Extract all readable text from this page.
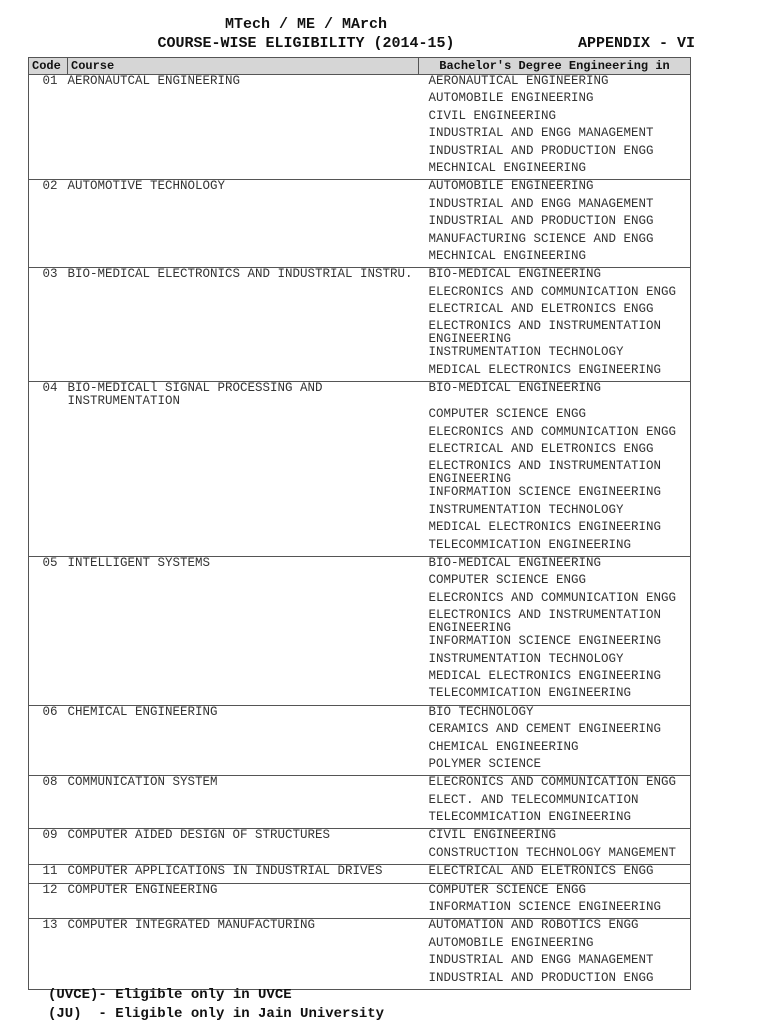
MTech / ME / MArch
COURSE-WISE ELIGIBILITY (2014-15)	APPENDIX - VI
Code	Course	Bachelor's Degree Engineering in
01	AERONAUTCAL ENGINEERING	AERONAUTICAL ENGINEERING
		AUTOMOBILE ENGINEERING
		CIVIL ENGINEERING
		INDUSTRIAL AND ENGG MANAGEMENT
		INDUSTRIAL AND PRODUCTION ENGG
		MECHNICAL ENGINEERING
02	AUTOMOTIVE TECHNOLOGY	AUTOMOBILE ENGINEERING
		INDUSTRIAL AND ENGG MANAGEMENT
		INDUSTRIAL AND PRODUCTION ENGG
		MANUFACTURING SCIENCE AND ENGG
		MECHNICAL ENGINEERING
03	BIO-MEDICAL ELECTRONICS AND INDUSTRIAL INSTRU.	BIO-MEDICAL ENGINEERING
		ELECRONICS AND COMMUNICATION ENGG
		ELECTRICAL AND ELETRONICS ENGG
		ELECTRONICS AND INSTRUMENTATION ENGINEERING
		INSTRUMENTATION TECHNOLOGY
		MEDICAL ELECTRONICS ENGINEERING
04	BIO-MEDICALl SIGNAL PROCESSING AND INSTRUMENTATION	BIO-MEDICAL ENGINEERING
		COMPUTER SCIENCE ENGG
		ELECRONICS AND COMMUNICATION ENGG
		ELECTRICAL AND ELETRONICS ENGG
		ELECTRONICS AND INSTRUMENTATION ENGINEERING
		INFORMATION SCIENCE ENGINEERING
		INSTRUMENTATION TECHNOLOGY
		MEDICAL ELECTRONICS ENGINEERING
		TELECOMMICATION ENGINEERING
05	INTELLIGENT SYSTEMS	BIO-MEDICAL ENGINEERING
		COMPUTER SCIENCE ENGG
		ELECRONICS AND COMMUNICATION ENGG
		ELECTRONICS AND INSTRUMENTATION ENGINEERING
		INFORMATION SCIENCE ENGINEERING
		INSTRUMENTATION TECHNOLOGY
		MEDICAL ELECTRONICS ENGINEERING
		TELECOMMICATION ENGINEERING
06	CHEMICAL ENGINEERING	BIO TECHNOLOGY
		CERAMICS AND CEMENT ENGINEERING
		CHEMICAL ENGINEERING
		POLYMER SCIENCE
08	COMMUNICATION SYSTEM	ELECRONICS AND COMMUNICATION ENGG
		ELECT. AND TELECOMMUNICATION
		TELECOMMICATION ENGINEERING
09	COMPUTER AIDED DESIGN OF STRUCTURES	CIVIL ENGINEERING
		CONSTRUCTION TECHNOLOGY MANGEMENT
11	COMPUTER APPLICATIONS IN INDUSTRIAL DRIVES	ELECTRICAL AND ELETRONICS ENGG
12	COMPUTER ENGINEERING	COMPUTER SCIENCE ENGG
		INFORMATION SCIENCE ENGINEERING
13	COMPUTER INTEGRATED MANUFACTURING	AUTOMATION AND ROBOTICS ENGG
		AUTOMOBILE ENGINEERING
		INDUSTRIAL AND ENGG MANAGEMENT
		INDUSTRIAL AND PRODUCTION ENGG
(UVCE)- Eligible only in UVCE
(JU)  - Eligible only in Jain University
